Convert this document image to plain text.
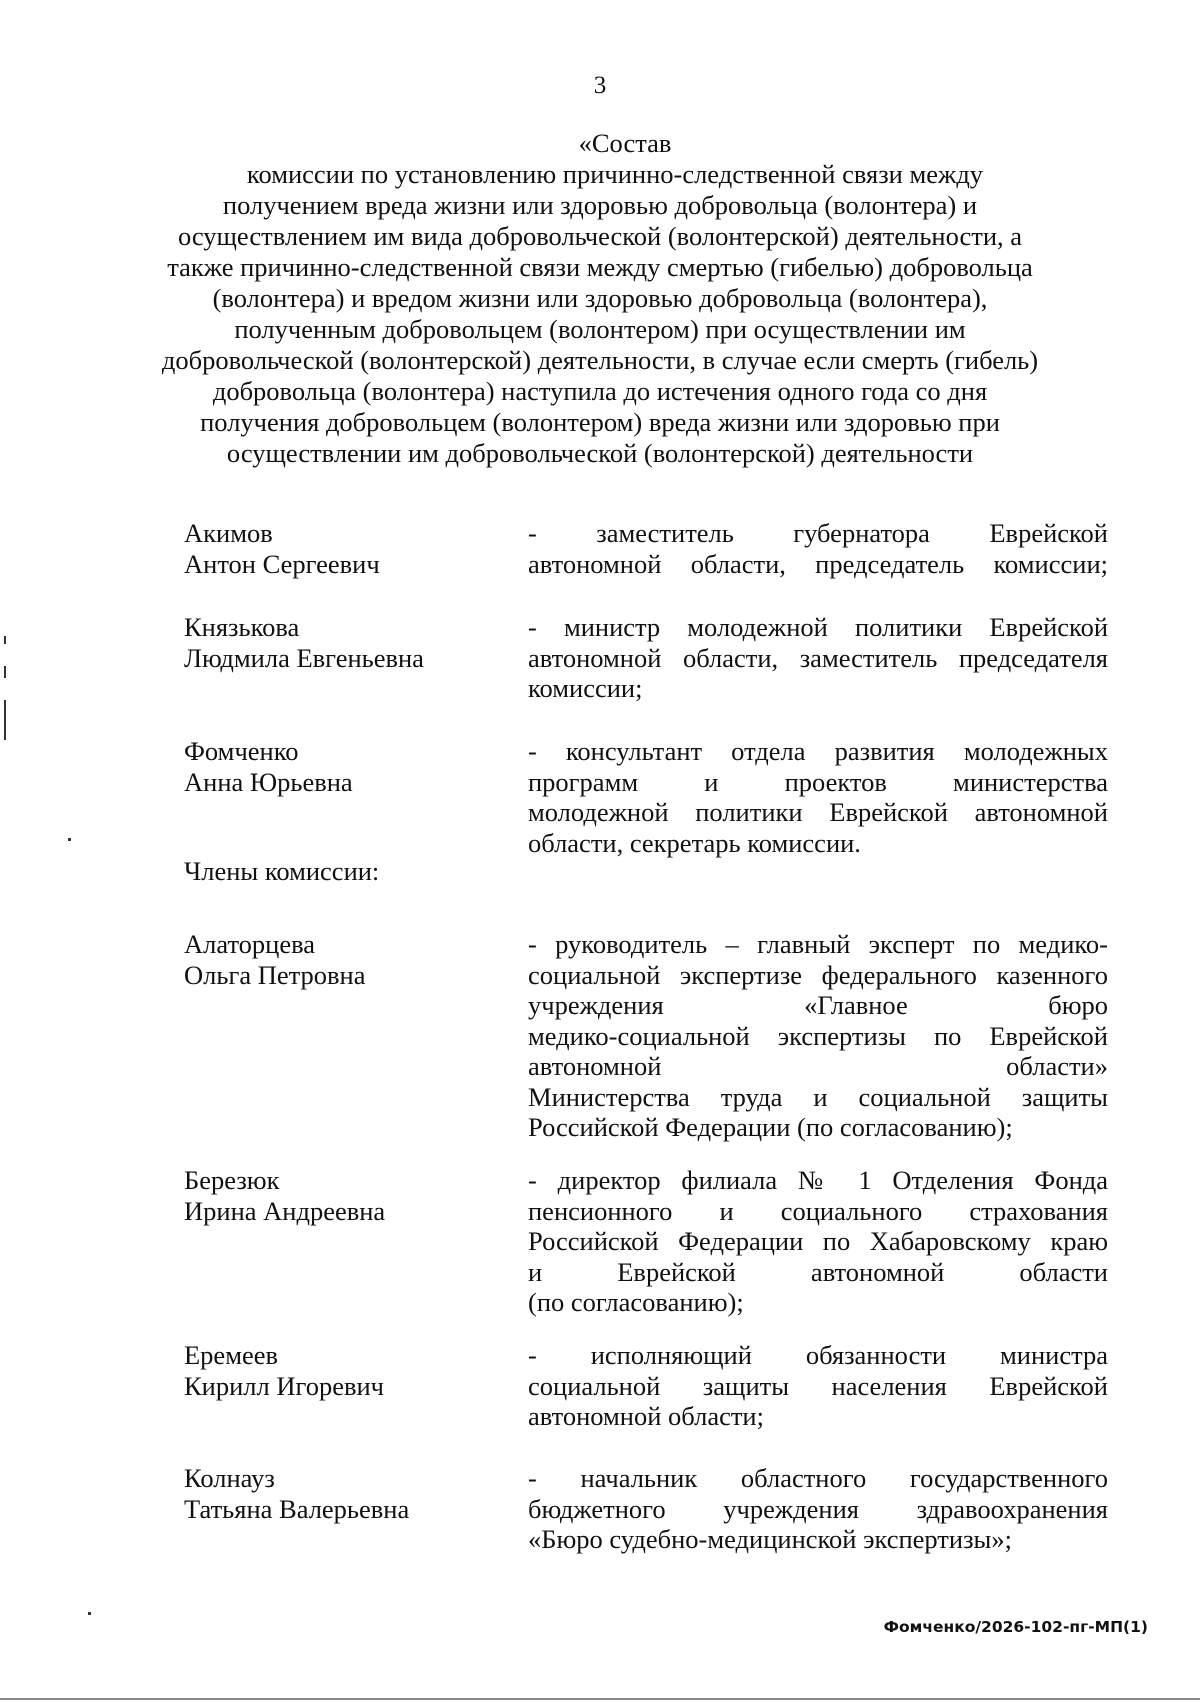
3
«Состав
комиссии по установлению причинно-следственной связи между
получением вреда жизни или здоровью добровольца (волонтера) и
осуществлением им вида добровольческой (волонтерской) деятельности, а
также причинно-следственной связи между смертью (гибелью) добровольца
(волонтера) и вредом жизни или здоровью добровольца (волонтера),
полученным добровольцем (волонтером) при осуществлении им
добровольческой (волонтерской) деятельности, в случае если смерть (гибель)
добровольца (волонтера) наступила до истечения одного года со дня
получения добровольцем (волонтером) вреда жизни или здоровью при
осуществлении им добровольческой (волонтерской) деятельности
Акимов
Антон Сергеевич
- заместитель губернатора Еврейской
автономной области, председатель комиссии;
Князькова
Людмила Евгеньевна
- министр молодежной политики Еврейской
автономной области, заместитель председателя
комиссии;
Фомченко
Анна Юрьевна
- консультант отдела развития молодежных
программ и проектов министерства
молодежной политики Еврейской автономной
области, секретарь комиссии.
Члены комиссии:
Алаторцева
Ольга Петровна
- руководитель – главный эксперт по медико-
социальной экспертизе федерального казенного
учреждения «Главное бюро
медико-социальной экспертизы по Еврейской
автономной области»
Министерства труда и социальной защиты
Российской Федерации (по согласованию);
Березюк
Ирина Андреевна
- директор филиала № 1 Отделения Фонда
пенсионного и социального страхования
Российской Федерации по Хабаровскому краю
и Еврейской автономной области
(по согласованию);
Еремеев
Кирилл Игоревич
- исполняющий обязанности министра
социальной защиты населения Еврейской
автономной области;
Колнауз
Татьяна Валерьевна
- начальник областного государственного
бюджетного учреждения здравоохранения
«Бюро судебно-медицинской экспертизы»;
Фомченко/2026-102-пг-МП(1)
